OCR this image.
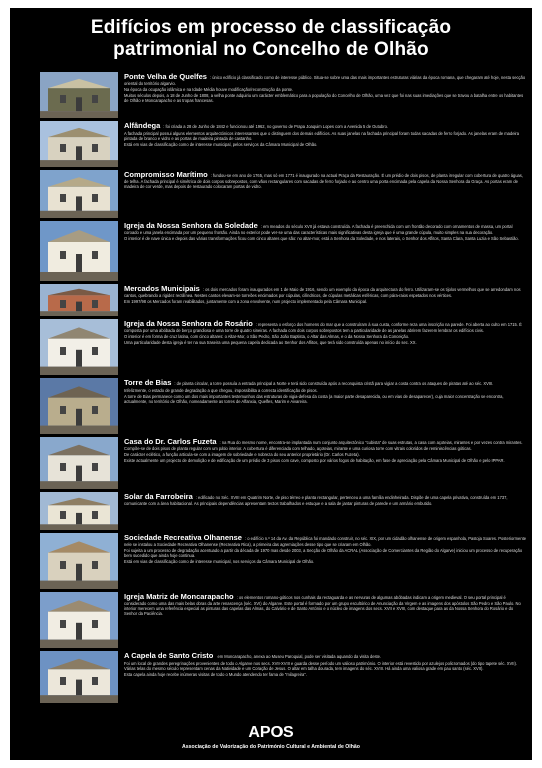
Edifícios em processo de classificação
patrimonial no Concelho de Olhão

Ponte Velha de Quelfes : único edifício já classificado como de interesse público. Situa-se sobre uma das mais importantes estruturas viárias da época romana, que chegaram até hoje, nesta secção oriental do território algarvio.

Na época da ocupação islâmica e na Idade Média houve modificação/reconstrução da ponte.

Muitos séculos depois, a 18 de Junho de 1808, a velha ponte adquiriu um carácter emblemático para a população do Concelho de Olhão, uma vez que foi nas suas imediações que se travou a batalha entre os habitantes de Olhão e Moncarapacho e as tropas francesas.

Alfândega : foi criada a 28 de Junho de 1842 e funcionou até 1962, no governo de Prapa Joaquim Lopes com a Avenida 5 de Outubro.

A fachada principal possui alguns elementos arquitectónicos interessantes que o distinguem dos demais edifícios. As suas janelas na fachada principal foram todas sacadas de ferro forjado. As janelas eram de madeira pintada de branco e vidro e as portas de madeira pintada de castanho.

Está em vias de classificação como de interesse municipal, pelos serviços da Câmara Municipal de Olhão.

Compromisso Marítimo : fundou-se em ano de 1765, mas só em 1771 é inaugurado na actual Praça da Restauração. É um prédio de dois pisos, de planta irregular com cobertura de quatro águas, de telha. A fachada principal é simétrica de dois corpos sobrepostos, com vãos rectangulares com sacadas de ferro forjado e ao centro uma porta encimada pela capela da Nossa Senhora da Graça. As portas eram de madeira de cor verde, mas depois de restaurado colocaram portas de vidro.

Igreja da Nossa Senhora da Soledade : em meados do século XVII já estava construída. A fachada é preenchida com um frontão decorado com ornamentos de massa, um portal coroado e uma janela encimada por um pequeno frontão. Ainda no exterior pode ver-se uma das características mais significativas desta igreja que é uma grande cúpula, muito simples na sua decoração.

O interior é de nave única e depois das várias transformações ficou com cinco altares que são: no altar-mor, está a Senhora da Soledade, e nos laterais, o Senhor dos Aflitos, Santa Clara, Santa Luzia e São Sebastião.

Mercados Municipais : os dois mercados foram inaugurados em 1 de Maio de 1916, sendo um exemplo da época da arquitectura do ferro. Utilizaram-se os tijolos vermelhos que se arredondam nos cantos, quebrando a rigidez rectilínea. Nestes cantos elevam-se torreões encimados por cúpulas, cilíndricos, de cúpulas metálicas esféricas, com pára-raios espetados nos vértices.

Em 1997/98 os Mercados foram reabilitados, juntamente com a zona envolvente, num projecto implementado pela Câmara Municipal.

Igreja da Nossa Senhora do Rosário : representa o esforço dos homens do mar que a construíram à sua custa, conforme reza uma inscrição na parede. Foi aberta ao culto em 1715. É composta por uma abóbada de berço grandiosa e uma torre de quatro sineiras. A fachada com dois corpos sobrepostos tem a particularidade de as janelas abrirem fazerem lembrar os edifícios civis.

O interior é em forma de cruz latina, com cinco altares: o Altar-Mor, o São Pedro, São João Baptista, o Altar das Almas, e o da Nossa Senhora da Conceição.

Uma particularidade desta igreja é ter na sua traseira uma pequena capela dedicada ao Senhor dos Aflitos, que terá sido construída apenas no início do sec. XX.

Torre de Bias : de planta circular, a torre possuía a entrada principal a Norte e terá sido construída após a reconquista cristã para vigiar a costa contra os ataques de piratas até ao séc. XVIII.

Infelizmente, o estado de grande degradação a que chegou, impossibilita a correcta identificação de pisos.

A torre de Bias permanece como um dos mais importantes testemunhos das estruturas de vigia-defesa da costa (a maior parte desaparecida, ou em vias de desaparecer), cuja maior concentração se encontra, actualmente, no território de Olhão, nomeadamente as torres de Alfanxia, Quelfes, Marim e Aivareira.

Casa do Dr. Carlos Fuzeta : na Rua do mesmo nome, encontra-se implantada num conjunto arquitectónico "cubista" de suas estrutas, a casa com açoteias, mirantes e por vezes contra mirantes. Compõe-se de dois pisos de planta regular com um pátio interior. A cobertura é diferenciada com telhado, açoteias, mirante e uma curiosa torre com vitrais coloridos de reminiscências góticas.

De carácter eclético, a função articula-se com a imagem de sobriedade e nobreza do seu anterior proprietário (Dr. Carlos Fuzeta).

Existe actualmente um projecto de demolição e de edificação de um prédio de 3 pisos com cave, composto por vários fogos de habitação, em fase de apreciação pela Câmara Municipal de Olhão e pelo IPPAR.

Solar da Farrobeira : edificado no Séc. XVIII em Quatrim Norte, de piso térreo e planta rectangular, pertenceu a uma família endinheirada. Dispõe de uma capela privativa, construída em 1737, comunicante com a área habitacional. As principais dependências apresentam tectos trabalhados e estuque e a sala de jantar pinturas de parede e um armário embutido.

Sociedade Recreativa Olhanense : o edifício n.º 14 da Av. da República foi mandado construir, no séc. XIX, por um cidadão olhanense de origem espanhola, Pastoja Soares. Posteriormente nele se instalou a Sociedade Recreativa Olhanense (Recreativa Rica), a primeira das agremiações desse tipo que se criaram em Olhão.

Foi sujeita a um processo de degradação acentuado a partir da década de 1970 mas desde 2003, a Secção de Olhão da ACRAL (Associação de Comerciantes da Região do Algarve) iniciou um processo de recuperação bem sucedido que ainda hoje continua.

Está em vias de classificação como de interesse municipal, nos serviços da Câmara Municipal de Olhão.

Igreja Matriz de Moncarapacho : os elementos romano-góticos nos cunhais da rectaguarda e as nervuras de algumas abóbadas indicam a origem medieval. O seu portal principal é considerado como uma das mais belas obras da arte renascença (séc. XVI) do Algarve. Este portal é formado por um grupo escultórico de Anunciação da Virgem e as imagens dos apóstolos São Pedro e São Paulo. No interior merecem uma referência especial as pinturas das capelas das Almas, do Calvário e de Santo António e o núcleo de imagens dos secs. XVII e XVIII, com destaque para as da Nossa Senhora do Rosário e do Senhor da Paciência.

A Capela de Santo Cristo em Moncarapacho, anexa ao Museu Paroquial, pode ser visitada aquando da visita deste.

Foi um local de grandes peregrinações provenientes de todo o Algarve nos secs. XVII-XVIII e guarda desse período um valioso património. O interior está revestido por azulejos policromados (do tipo tapete séc. XVII). Várias telas do mesmo século representam cenas da Natividade e um Coração de Jesus. O altar em talha dourada, tem imagens do séc. XVIII. Há ainda uma valiosa grade em pau santo (séc. XVII).

Esta capela ainda hoje recebe inúmeras visitas de todo o Mundo atendendo ter fama de "milagreira".

APOS
Associação de Valorização do Património Cultural e Ambiental de Olhão
